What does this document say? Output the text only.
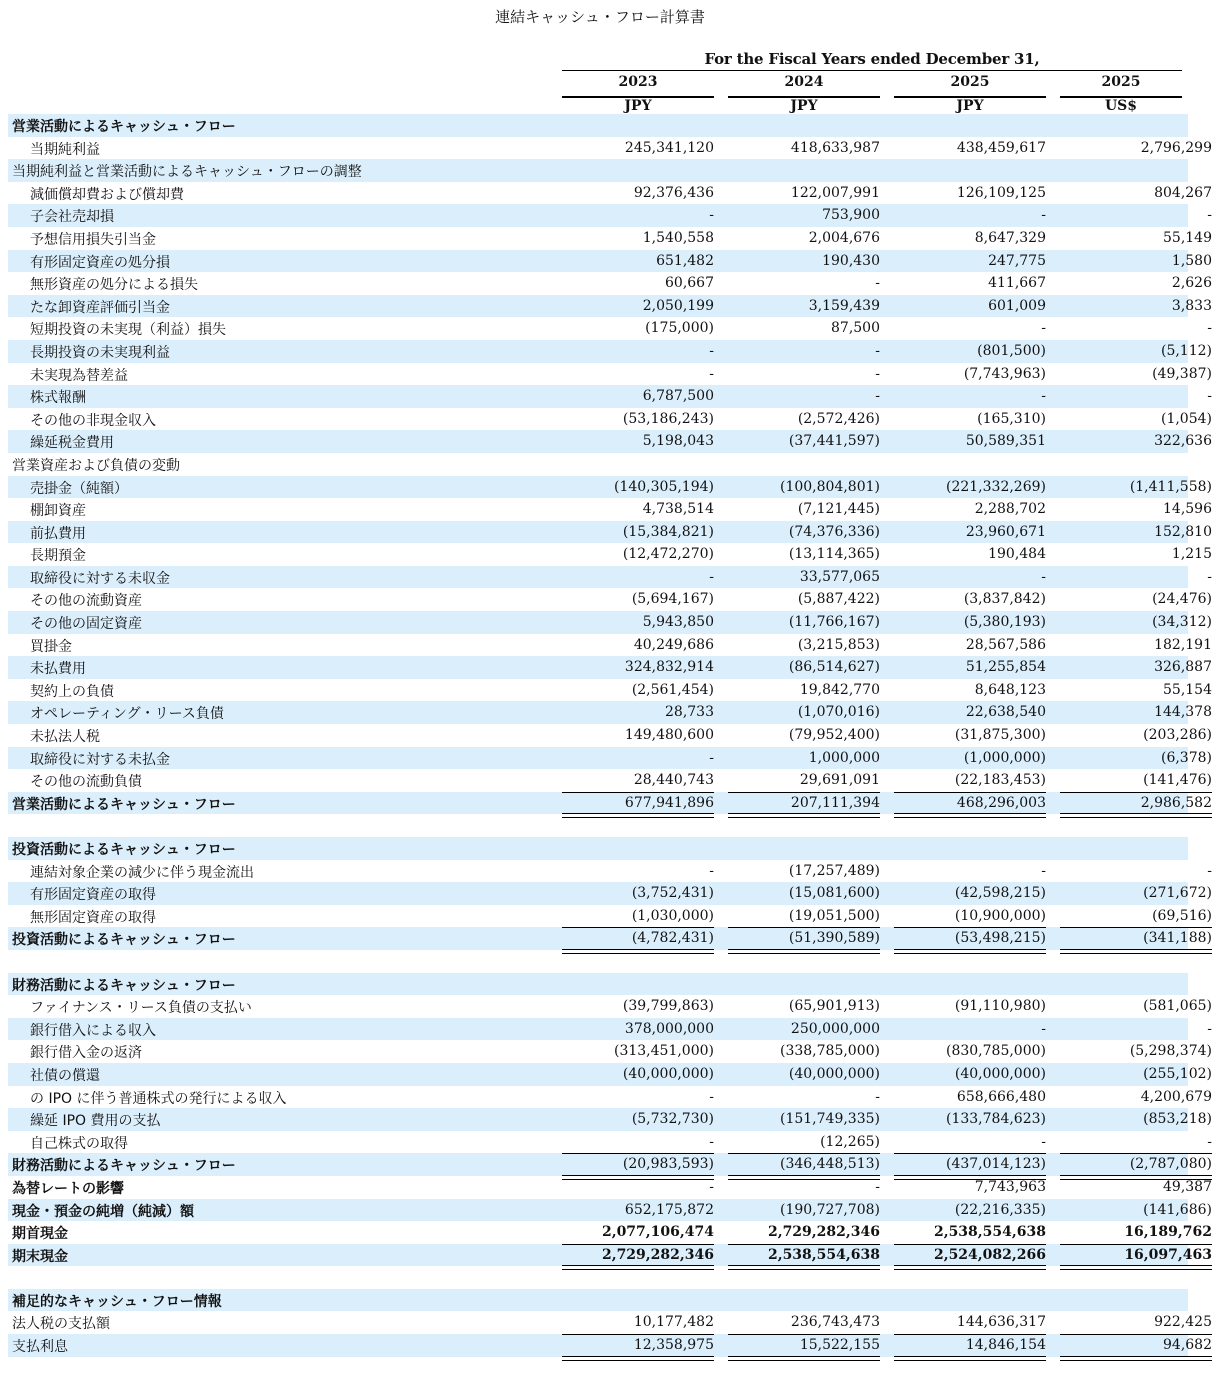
連結キャッシュ・フロー計算書
For the Fiscal Years ended December 31,
2023	2024	2025	2025
JPY	JPY	JPY	US$
営業活動によるキャッシュ・フロー
当期純利益	245,341,120	418,633,987	438,459,617	2,796,299
当期純利益と営業活動によるキャッシュ・フローの調整
減価償却費および償却費	92,376,436	122,007,991	126,109,125	804,267
子会社売却損	-	753,900	-	-
予想信用損失引当金	1,540,558	2,004,676	8,647,329	55,149
有形固定資産の処分損	651,482	190,430	247,775	1,580
無形資産の処分による損失	60,667	-	411,667	2,626
たな卸資産評価引当金	2,050,199	3,159,439	601,009	3,833
短期投資の未実現（利益）損失	(175,000)	87,500	-	-
長期投資の未実現利益	-	-	(801,500)	(5,112)
未実現為替差益	-	-	(7,743,963)	(49,387)
株式報酬	6,787,500	-	-	-
その他の非現金収入	(53,186,243)	(2,572,426)	(165,310)	(1,054)
繰延税金費用	5,198,043	(37,441,597)	50,589,351	322,636
営業資産および負債の変動
売掛金（純額）	(140,305,194)	(100,804,801)	(221,332,269)	(1,411,558)
棚卸資産	4,738,514	(7,121,445)	2,288,702	14,596
前払費用	(15,384,821)	(74,376,336)	23,960,671	152,810
長期預金	(12,472,270)	(13,114,365)	190,484	1,215
取締役に対する未収金	-	33,577,065	-	-
その他の流動資産	(5,694,167)	(5,887,422)	(3,837,842)	(24,476)
その他の固定資産	5,943,850	(11,766,167)	(5,380,193)	(34,312)
買掛金	40,249,686	(3,215,853)	28,567,586	182,191
未払費用	324,832,914	(86,514,627)	51,255,854	326,887
契約上の負債	(2,561,454)	19,842,770	8,648,123	55,154
オペレーティング・リース負債	28,733	(1,070,016)	22,638,540	144,378
未払法人税	149,480,600	(79,952,400)	(31,875,300)	(203,286)
取締役に対する未払金	-	1,000,000	(1,000,000)	(6,378)
その他の流動負債	28,440,743	29,691,091	(22,183,453)	(141,476)
営業活動によるキャッシュ・フロー	677,941,896	207,111,394	468,296,003	2,986,582
投資活動によるキャッシュ・フロー
連結対象企業の減少に伴う現金流出	-	(17,257,489)	-	-
有形固定資産の取得	(3,752,431)	(15,081,600)	(42,598,215)	(271,672)
無形固定資産の取得	(1,030,000)	(19,051,500)	(10,900,000)	(69,516)
投資活動によるキャッシュ・フロー	(4,782,431)	(51,390,589)	(53,498,215)	(341,188)
財務活動によるキャッシュ・フロー
ファイナンス・リース負債の支払い	(39,799,863)	(65,901,913)	(91,110,980)	(581,065)
銀行借入による収入	378,000,000	250,000,000	-	-
銀行借入金の返済	(313,451,000)	(338,785,000)	(830,785,000)	(5,298,374)
社債の償還	(40,000,000)	(40,000,000)	(40,000,000)	(255,102)
の IPO に伴う普通株式の発行による収入	-	-	658,666,480	4,200,679
繰延 IPO 費用の支払	(5,732,730)	(151,749,335)	(133,784,623)	(853,218)
自己株式の取得	-	(12,265)	-	-
財務活動によるキャッシュ・フロー	(20,983,593)	(346,448,513)	(437,014,123)	(2,787,080)
為替レートの影響	-	-	7,743,963	49,387
現金・預金の純増（純減）額	652,175,872	(190,727,708)	(22,216,335)	(141,686)
期首現金	2,077,106,474	2,729,282,346	2,538,554,638	16,189,762
期末現金	2,729,282,346	2,538,554,638	2,524,082,266	16,097,463
補足的なキャッシュ・フロー情報
法人税の支払額	10,177,482	236,743,473	144,636,317	922,425
支払利息	12,358,975	15,522,155	14,846,154	94,682
